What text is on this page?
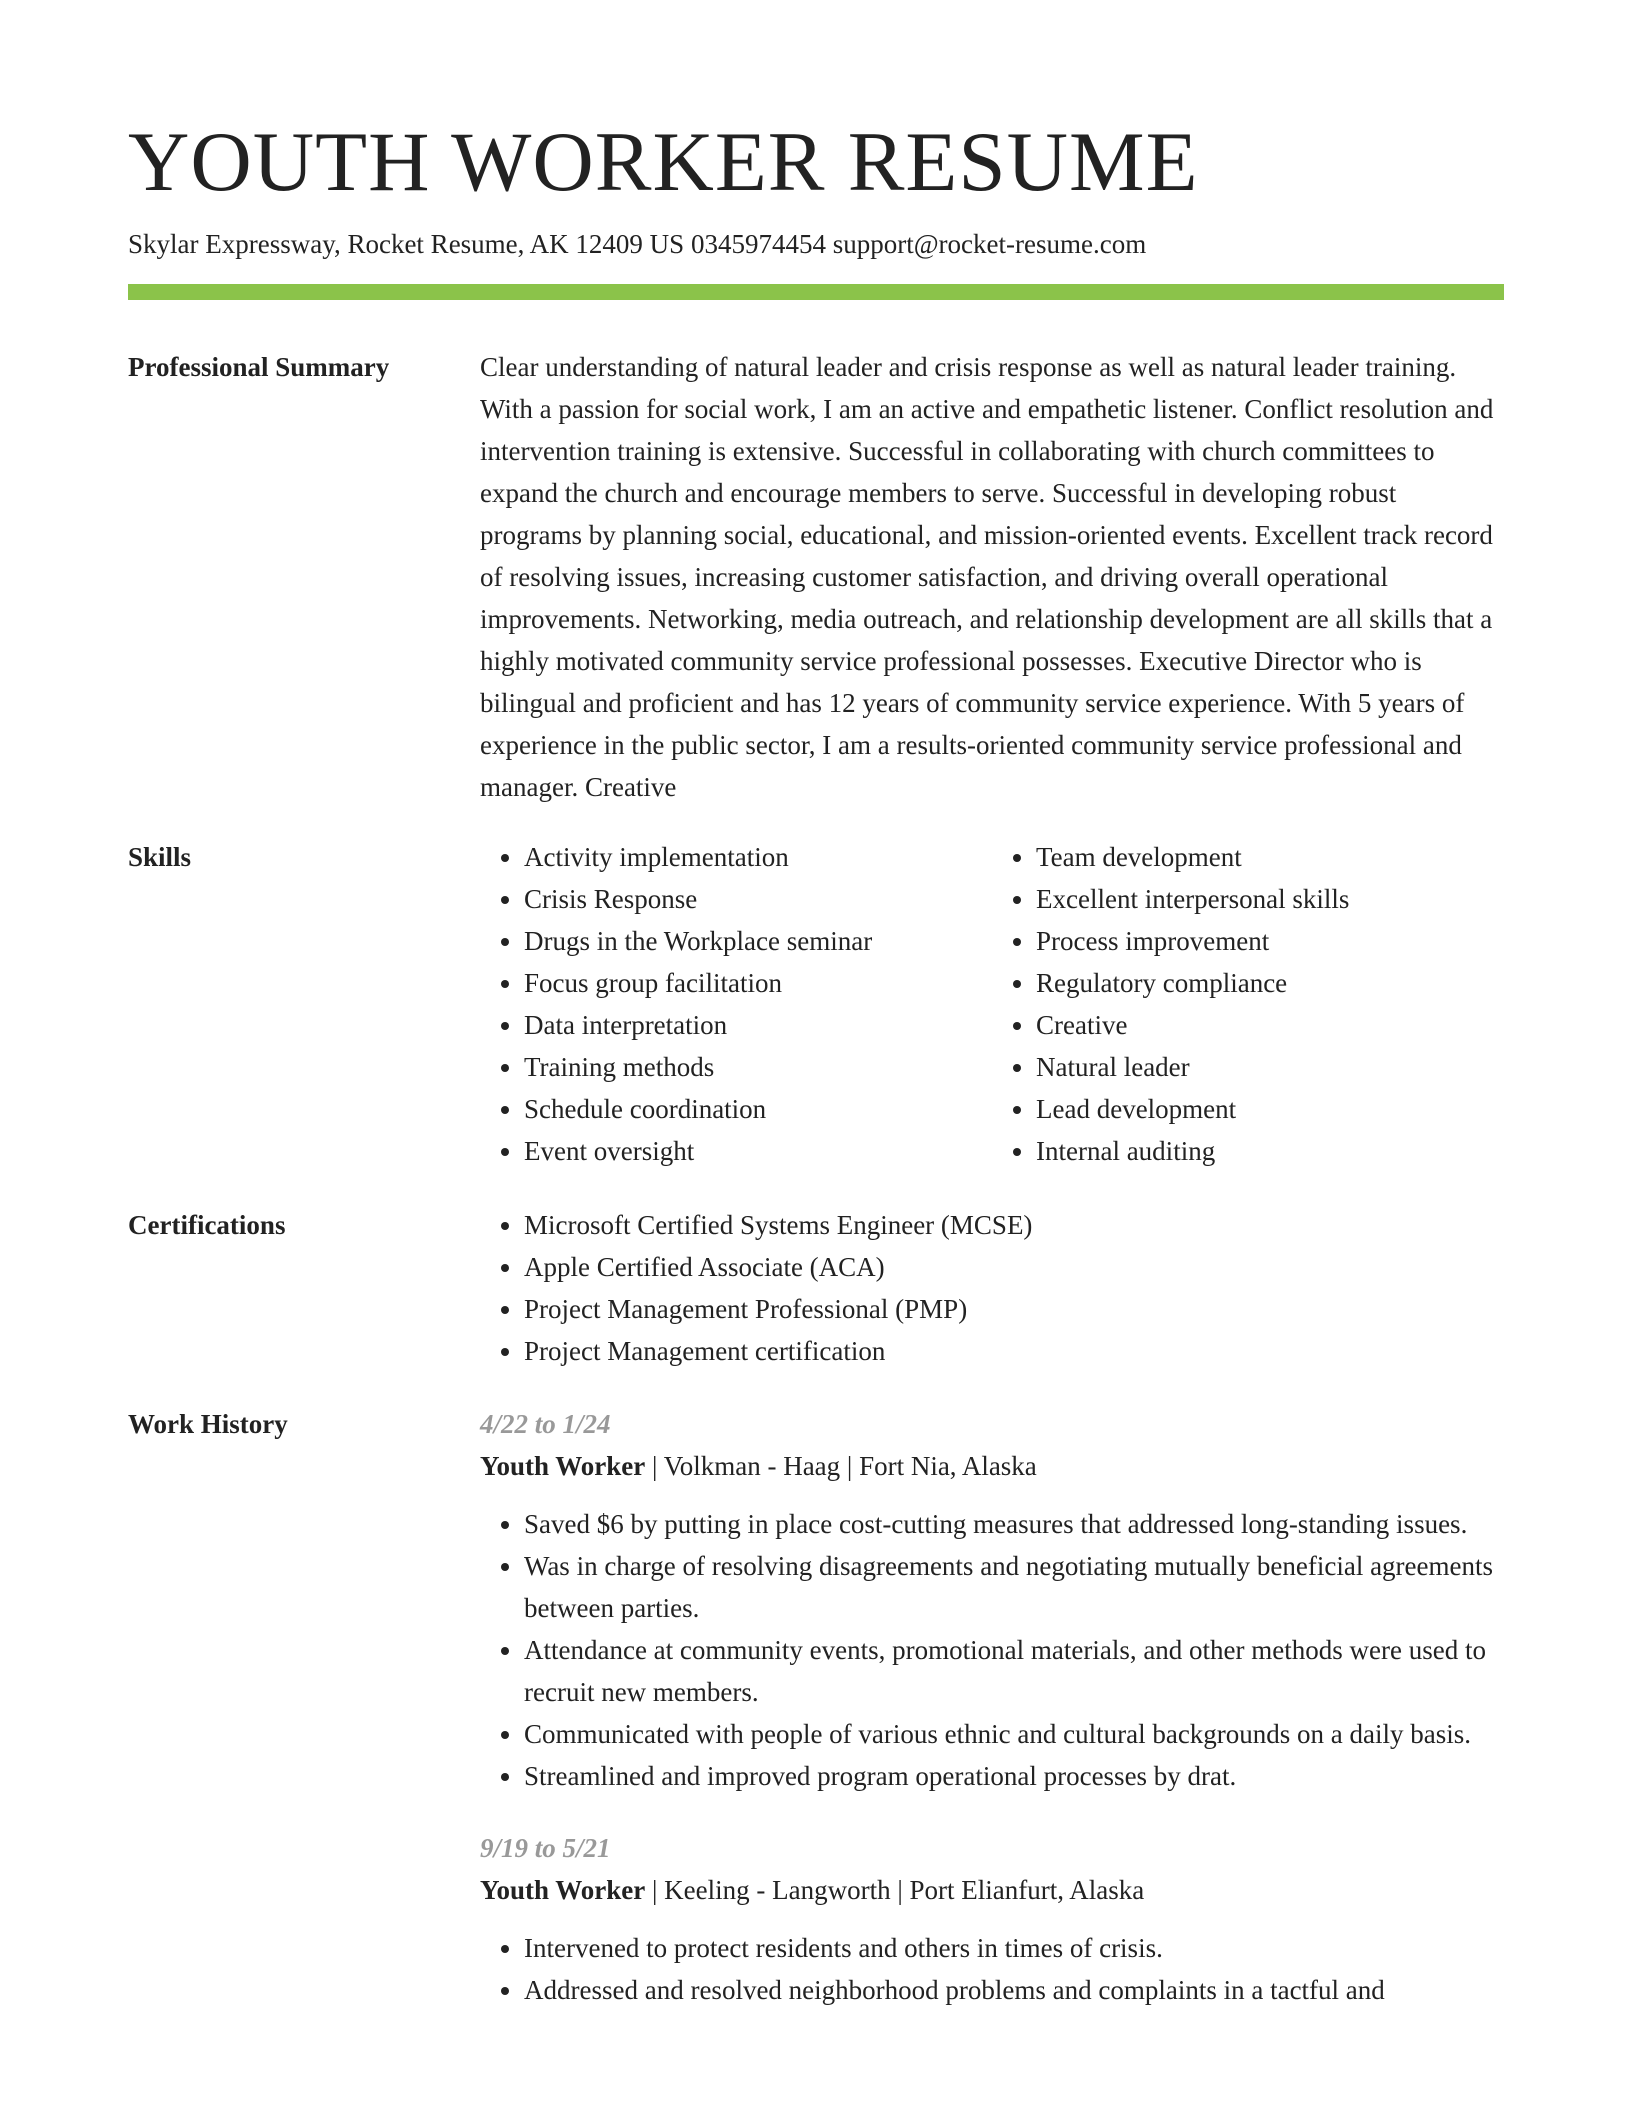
YOUTH WORKER RESUME
Skylar Expressway, Rocket Resume, AK 12409 US 0345974454 support@rocket-resume.com
Professional Summary	Clear understanding of natural leader and crisis response as well as natural leader training. With a passion for social work, I am an active and empathetic listener. Conflict resolution and intervention training is extensive. Successful in collaborating with church committees to expand the church and encourage members to serve. Successful in developing robust programs by planning social, educational, and mission-oriented events. Excellent track record of resolving issues, increasing customer satisfaction, and driving overall operational improvements. Networking, media outreach, and relationship development are all skills that a highly motivated community service professional possesses. Executive Director who is bilingual and proficient and has 12 years of community service experience. With 5 years of experience in the public sector, I am a results-oriented community service professional and manager. Creative

Skills	• Activity implementation
• Crisis Response
• Drugs in the Workplace seminar
• Focus group facilitation
• Data interpretation
• Training methods
• Schedule coordination
• Event oversight
• Team development
• Excellent interpersonal skills
• Process improvement
• Regulatory compliance
• Creative
• Natural leader
• Lead development
• Internal auditing
Certifications	• Microsoft Certified Systems Engineer (MCSE)
• Apple Certified Associate (ACA)
• Project Management Professional (PMP)
• Project Management certification
Work History	4/22 to 1/24
Youth Worker | Volkman - Haag | Fort Nia, Alaska
• Saved $6 by putting in place cost-cutting measures that addressed long-standing issues.
• Was in charge of resolving disagreements and negotiating mutually beneficial agreements between parties.
• Attendance at community events, promotional materials, and other methods were used to recruit new members.
• Communicated with people of various ethnic and cultural backgrounds on a daily basis.
• Streamlined and improved program operational processes by drat.
9/19 to 5/21
Youth Worker | Keeling - Langworth | Port Elianfurt, Alaska
• Intervened to protect residents and others in times of crisis.
• Addressed and resolved neighborhood problems and complaints in a tactful and
